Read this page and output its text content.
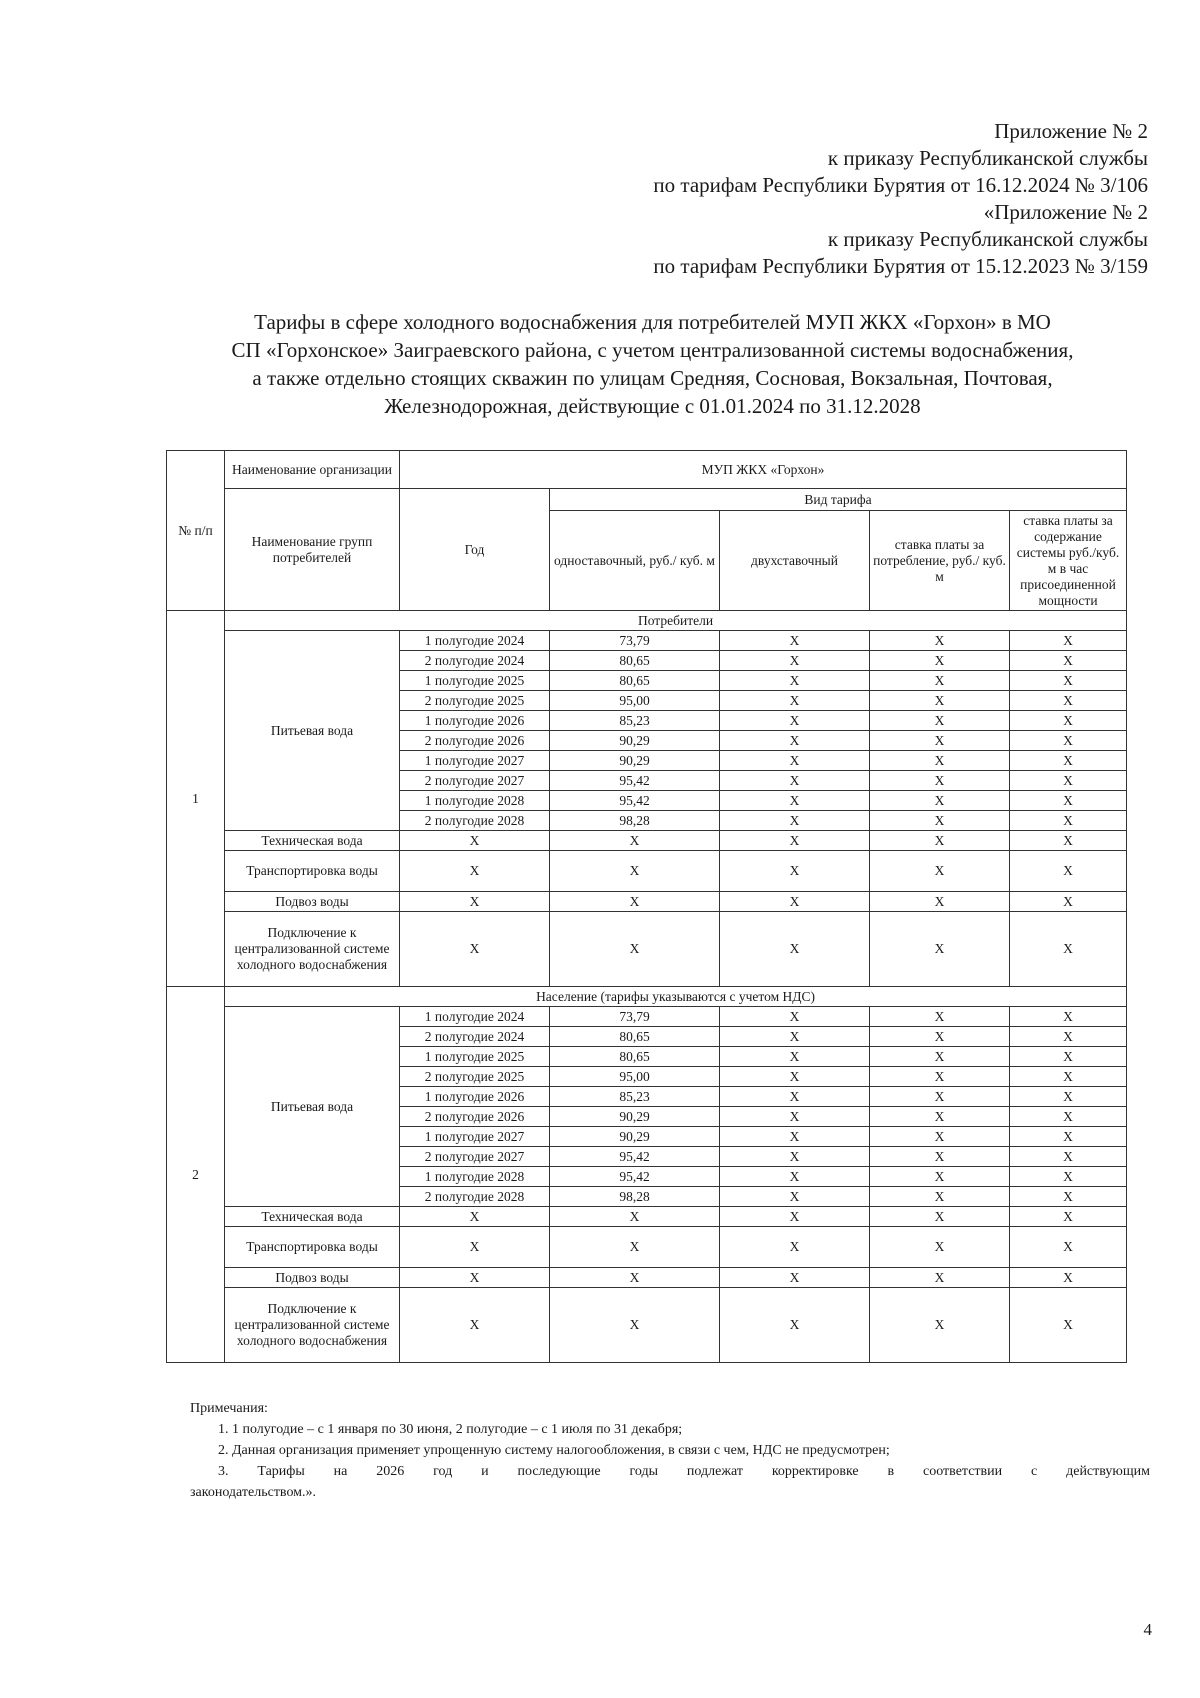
Приложение № 2
к приказу Республиканской службы
по тарифам Республики Бурятия от 16.12.2024 № 3/106
«Приложение № 2
к приказу Республиканской службы
по тарифам Республики Бурятия от 15.12.2023 № 3/159
Тарифы в сфере холодного водоснабжения для потребителей МУП ЖКХ «Горхон» в МО
СП «Горхонское» Заиграевского района, с учетом централизованной системы водоснабжения,
а также отдельно стоящих скважин по улицам Средняя, Сосновая, Вокзальная, Почтовая,
Железнодорожная, действующие с 01.01.2024 по 31.12.2028
№ п/п	Наименование организации	МУП ЖКХ «Горхон»				
	Наименование групп потребителей	Год	Вид тарифа			
			одноставочный, руб./ куб. м	двухставочный	ставка платы за потребление, руб./ куб. м	ставка платы за содержание системы руб./куб. м в час присоединенной мощности
1	Потребители					
	Питьевая вода	1 полугодие 2024	73,79	X	X	X
		2 полугодие 2024	80,65	X	X	X
		1 полугодие 2025	80,65	X	X	X
		2 полугодие 2025	95,00	X	X	X
		1 полугодие 2026	85,23	X	X	X
		2 полугодие 2026	90,29	X	X	X
		1 полугодие 2027	90,29	X	X	X
		2 полугодие 2027	95,42	X	X	X
		1 полугодие 2028	95,42	X	X	X
		2 полугодие 2028	98,28	X	X	X
	Техническая вода	X	X	X	X	X
	Транспортировка воды	X	X	X	X	X
	Подвоз воды	X	X	X	X	X
	Подключение к централизованной системе холодного водоснабжения	X	X	X	X	X
2	Население (тарифы указываются с учетом НДС)					
	Питьевая вода	1 полугодие 2024	73,79	X	X	X
		2 полугодие 2024	80,65	X	X	X
		1 полугодие 2025	80,65	X	X	X
		2 полугодие 2025	95,00	X	X	X
		1 полугодие 2026	85,23	X	X	X
		2 полугодие 2026	90,29	X	X	X
		1 полугодие 2027	90,29	X	X	X
		2 полугодие 2027	95,42	X	X	X
		1 полугодие 2028	95,42	X	X	X
		2 полугодие 2028	98,28	X	X	X
	Техническая вода	X	X	X	X	X
	Транспортировка воды	X	X	X	X	X
	Подвоз воды	X	X	X	X	X
	Подключение к централизованной системе холодного водоснабжения	X	X	X	X	X
Примечания:
1. 1 полугодие – с 1 января по 30 июня, 2 полугодие – с 1 июля по 31 декабря;
2. Данная организация применяет упрощенную систему налогообложения, в связи с чем, НДС не предусмотрен;
3. Тарифы на 2026 год и последующие годы подлежат корректировке в соответствии с действующим
законодательством.».
4
